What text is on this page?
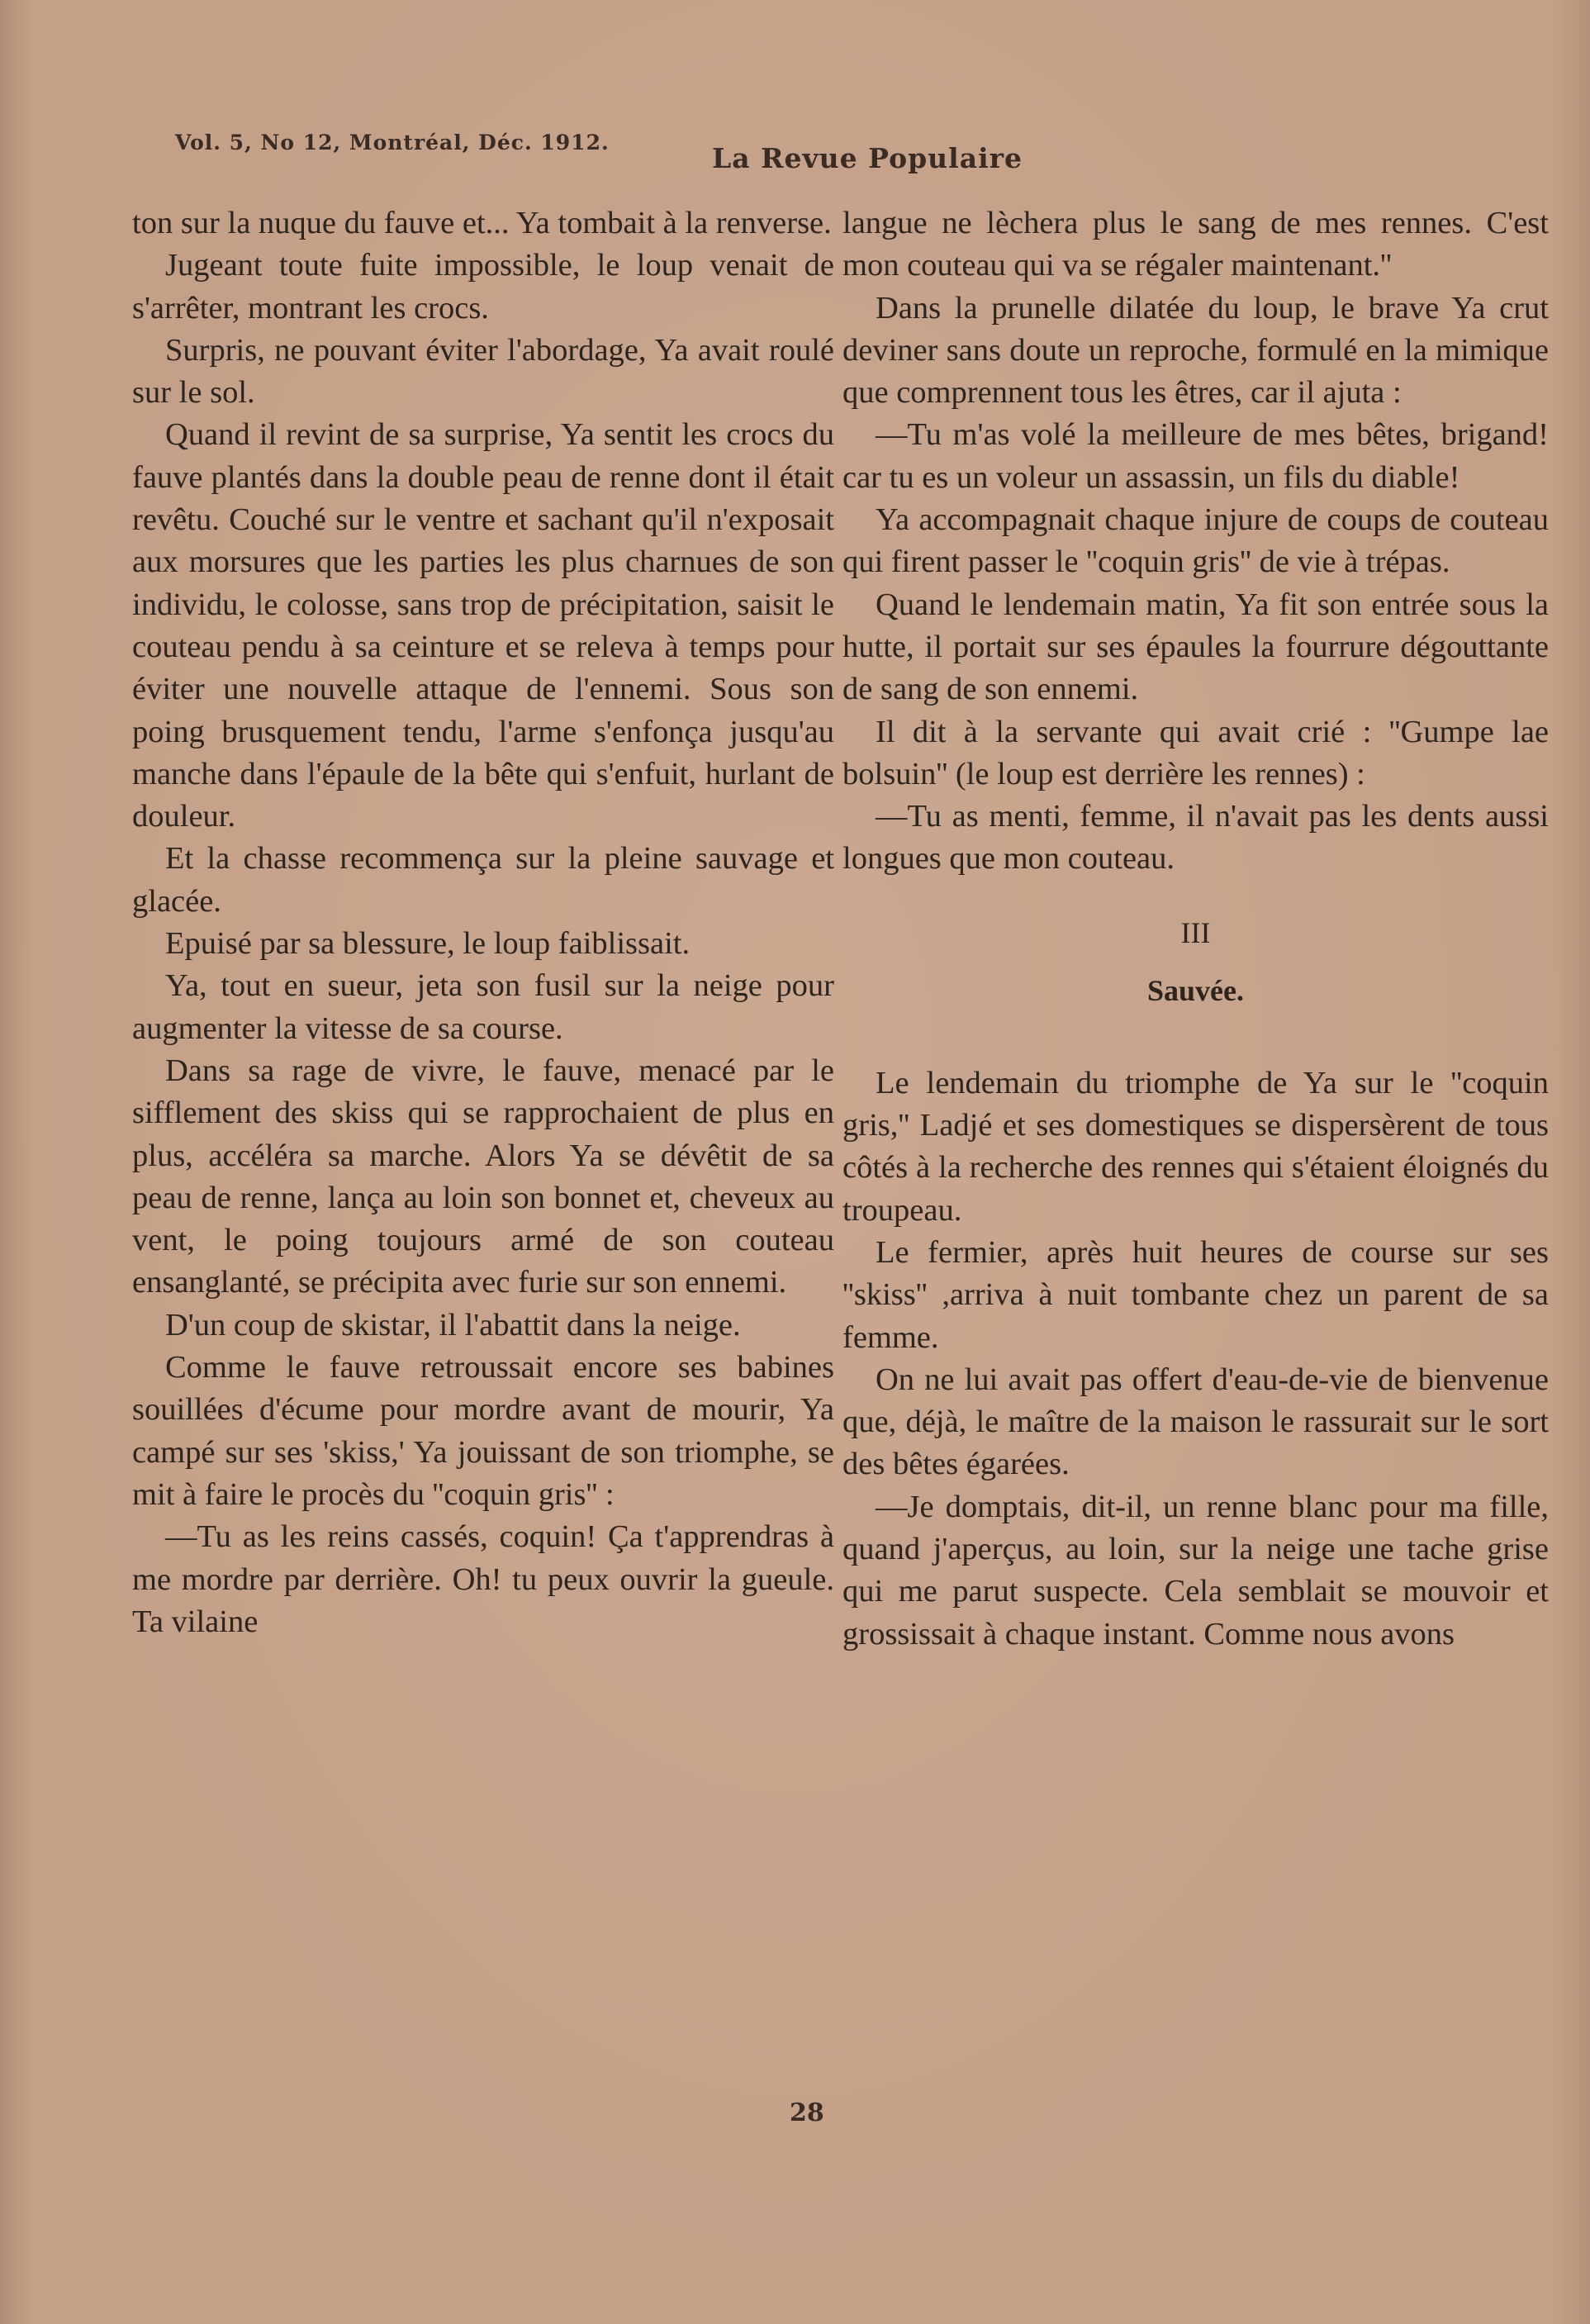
Vol. 5, No 12, Montréal, Déc. 1912.	La Revue Populaire

ton sur la nuque du fauve et... Ya tombait à la renverse.

Jugeant toute fuite impossible, le loup venait de s'arrêter, montrant les crocs.

Surpris, ne pouvant éviter l'abordage, Ya avait roulé sur le sol.

Quand il revint de sa surprise, Ya sentit les crocs du fauve plantés dans la double peau de renne dont il était revêtu. Couché sur le ventre et sachant qu'il n'exposait aux morsures que les parties les plus charnues de son individu, le colosse, sans trop de précipitation, saisit le couteau pendu à sa ceinture et se releva à temps pour éviter une nouvelle attaque de l'ennemi. Sous son poing brusquement tendu, l'arme s'enfonça jusqu'au manche dans l'épaule de la bête qui s'enfuit, hurlant de douleur.

Et la chasse recommença sur la pleine sauvage et glacée.

Epuisé par sa blessure, le loup faiblissait.

Ya, tout en sueur, jeta son fusil sur la neige pour augmenter la vitesse de sa course.

Dans sa rage de vivre, le fauve, menacé par le sifflement des skiss qui se rapprochaient de plus en plus, accéléra sa marche. Alors Ya se dévêtit de sa peau de renne, lança au loin son bonnet et, cheveux au vent, le poing toujours armé de son couteau ensanglanté, se précipita avec furie sur son ennemi.

D'un coup de skistar, il l'abattit dans la neige.

Comme le fauve retroussait encore ses babines souillées d'écume pour mordre avant de mourir, Ya campé sur ses 'skiss,' Ya jouissant de son triomphe, se mit à faire le procès du ''coquin gris'' :

—Tu as les reins cassés, coquin! Ça t'apprendras à me mordre par derrière. Oh! tu peux ouvrir la gueule. Ta vilaine

langue ne lèchera plus le sang de mes rennes. C'est mon couteau qui va se régaler maintenant.''

Dans la prunelle dilatée du loup, le brave Ya crut deviner sans doute un reproche, formulé en la mimique que comprennent tous les êtres, car il ajuta :

—Tu m'as volé la meilleure de mes bêtes, brigand! car tu es un voleur un assassin, un fils du diable!

Ya accompagnait chaque injure de coups de couteau qui firent passer le ''coquin gris'' de vie à trépas.

Quand le lendemain matin, Ya fit son entrée sous la hutte, il portait sur ses épaules la fourrure dégouttante de sang de son ennemi.

Il dit à la servante qui avait crié : ''Gumpe lae bolsuin'' (le loup est derrière les rennes) :

—Tu as menti, femme, il n'avait pas les dents aussi longues que mon couteau.

III
Sauvée.

Le lendemain du triomphe de Ya sur le ''coquin gris,'' Ladjé et ses domestiques se dispersèrent de tous côtés à la recherche des rennes qui s'étaient éloignés du troupeau.

Le fermier, après huit heures de course sur ses ''skiss'' ,arriva à nuit tombante chez un parent de sa femme.

On ne lui avait pas offert d'eau-de-vie de bienvenue que, déjà, le maître de la maison le rassurait sur le sort des bêtes égarées.

—Je domptais, dit-il, un renne blanc pour ma fille, quand j'aperçus, au loin, sur la neige une tache grise qui me parut suspecte. Cela semblait se mouvoir et grossissait à chaque instant. Comme nous avons

28
